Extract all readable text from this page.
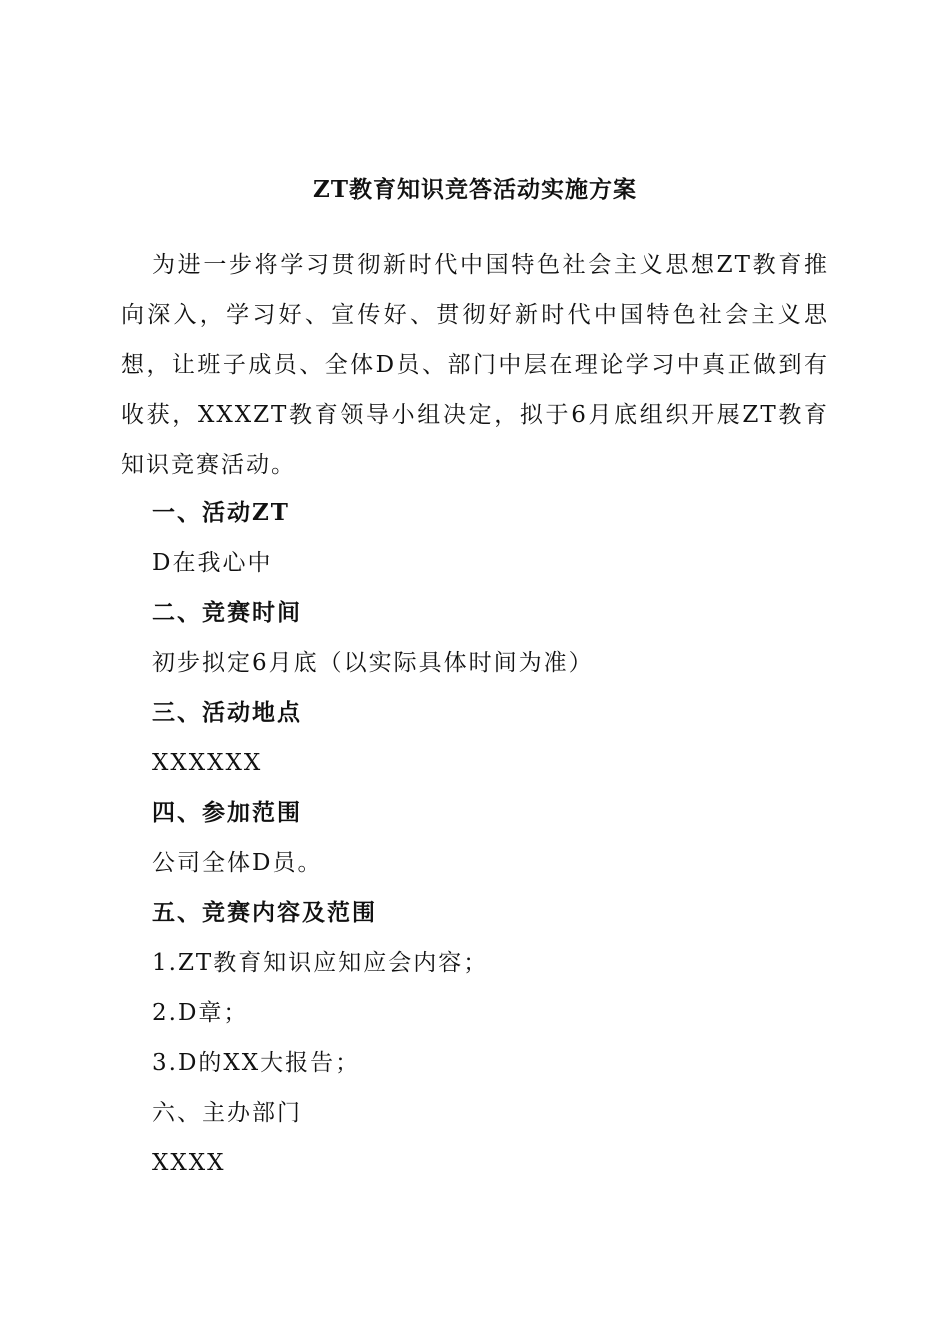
ZT教育知识竞答活动实施方案

为进一步将学习贯彻新时代中国特色社会主义思想ZT教育推向深入，学习好、宣传好、贯彻好新时代中国特色社会主义思想，让班子成员、全体D员、部门中层在理论学习中真正做到有收获，XXXZT教育领导小组决定，拟于6月底组织开展ZT教育知识竞赛活动。

一、活动ZT
D在我心中
二、竞赛时间
初步拟定6月底（以实际具体时间为准）
三、活动地点
XXXXXX
四、参加范围
公司全体D员。
五、竞赛内容及范围
1.ZT教育知识应知应会内容；
2.D章；
3.D的XX大报告；
六、主办部门
XXXX
